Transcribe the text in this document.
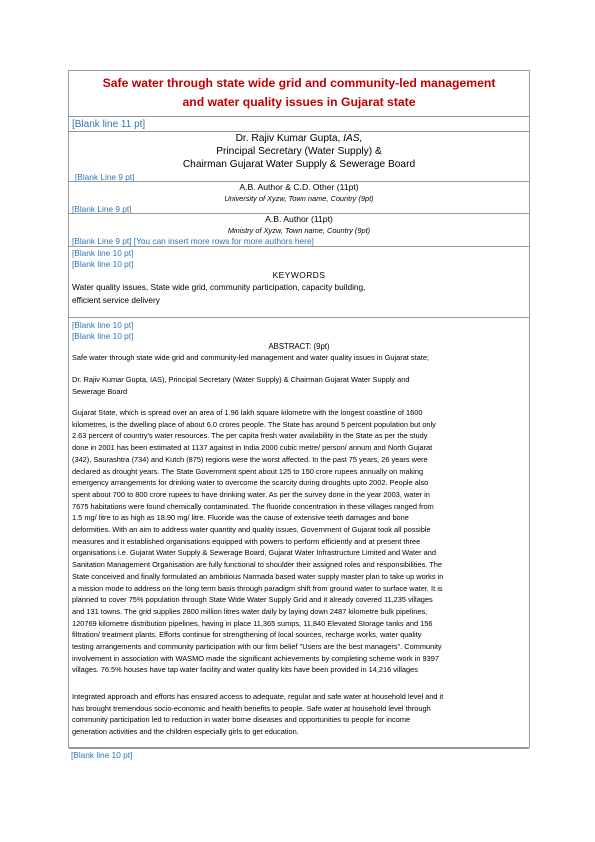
Safe water through state wide grid and community-led management
and water quality issues in Gujarat state
[Blank line 11 pt]
Dr. Rajiv Kumar Gupta, IAS,
Principal Secretary (Water Supply) &
Chairman Gujarat Water Supply & Sewerage Board
[Blank Line 9 pt]
A.B. Author & C.D. Other (11pt)
University of Xyzw, Town name, Country (9pt)
[Blank Line 9 pt]
A.B. Author (11pt)
Ministry of Xyzw, Town name, Country (9pt)
[Blank Line 9 pt] [You can insert more rows for more authors here]
[Blank line 10 pt]
[Blank line 10 pt]
KEYWORDS
Water quality issues, State wide grid, community participation, capacity building,
efficient service delivery
[Blank line 10 pt]
[Blank line 10 pt]
ABSTRACT: (9pt)
Safe water through state wide grid and community-led management and water quality issues in Gujarat state;
Dr. Rajiv Kumar Gupta, IAS), Principal Secretary (Water Supply) & Chairman Gujarat Water Supply and
Sewerage Board
Gujarat State, which is spread over an area of 1.96 lakh square kilometre with the longest coastline of 1600
kilometres, is the dwelling place of about 6.0 crores people. The State has around 5 percent population but only
2.63 percent of country's water resources. The per capita fresh water availability in the State as per the study
done in 2001 has been estimated at 1137 against in India 2000 cubic metre/ person/ annum and North Gujarat
(342), Saurashtra (734) and Kutch (875) regions were the worst affected. In the past 75 years, 26 years were
declared as drought years. The State Government spent about 125 to 150 crore rupees annually on making
emergency arrangements for drinking water to overcome the scarcity during droughts upto 2002. People also
spent about 700 to 800 crore rupees to have drinking water. As per the survey done in the year 2003, water in
7675 habitations were found chemically contaminated. The fluoride concentration in these villages ranged from
1.5 mg/ litre to as high as 18.90 mg/ litre. Fluoride was the cause of extensive teeth damages and bone
deformities. With an aim to address water quantity and quality issues, Government of Gujarat took all possible
measures and it established organisations equipped with powers to perform efficiently and at present three
organisations i.e. Gujarat Water Supply & Sewerage Board, Gujarat Water Infrastructure Limited and Water and
Sanitation Management Organisation are fully functional to shoulder their assigned roles and responsibilities. The
State conceived and finally formulated an ambitious Narmada based water supply master plan to take up works in
a mission mode to address on the long term basis through paradigm shift from ground water to surface water. It is
planned to cover 75% population through State Wide Water Supply Grid and it already covered 11,235 villages
and 131 towns. The grid supplies 2800 million litres water daily by laying down 2487 kilometre bulk pipelines,
120769 kilometre distribution pipelines, having in place 11,365 sumps, 11,840 Elevated Storage tanks and 156
filtration/ treatment plants. Efforts continue for strengthening of local sources, recharge works, water quality
testing arrangements and community participation with our firm belief "Users are the best managers". Community
involvement in association with WASMO made the significant achievements by completing scheme work in 9397
villages. 76.5% houses have tap water facility and water quality kits have been provided in 14,216 villages
Integrated approach and efforts has ensured access to adequate, regular and safe water at household level and it
has brought tremendous socio-economic and health benefits to people. Safe water at household level through
community participation led to reduction in water borne diseases and opportunities to people for income
generation activities and the children especially girls to get education.
[Blank line 10 pt]
